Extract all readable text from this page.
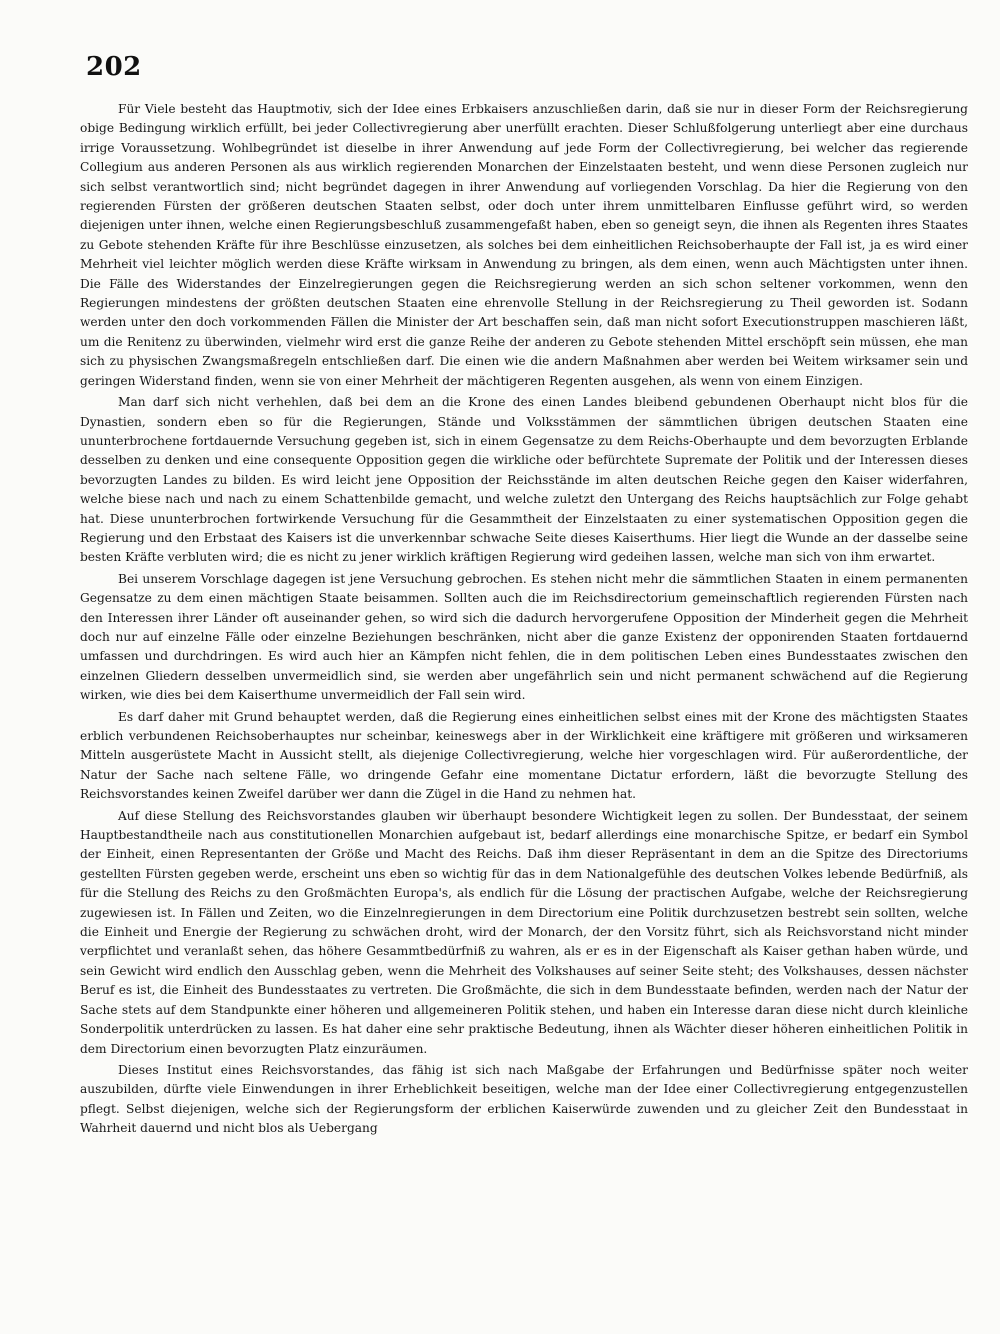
202

Für Viele besteht das Hauptmotiv, sich der Idee eines Erbkaisers anzuschließen darin, daß sie nur in dieser Form der Reichsregierung obige Bedingung wirklich erfüllt, bei jeder Collectivregierung aber unerfüllt erachten. Dieser Schlußfolgerung unterliegt aber eine durchaus irrige Voraussetzung. Wohlbegründet ist dieselbe in ihrer Anwendung auf jede Form der Collectivregierung, bei welcher das regierende Collegium aus anderen Personen als aus wirklich regierenden Monarchen der Einzelstaaten besteht, und wenn diese Personen zugleich nur sich selbst verantwortlich sind; nicht begründet dagegen in ihrer Anwendung auf vorliegenden Vorschlag. Da hier die Regierung von den regierenden Fürsten der größeren deutschen Staaten selbst, oder doch unter ihrem unmittelbaren Einflusse geführt wird, so werden diejenigen unter ihnen, welche einen Regierungsbeschluß zusammengefaßt haben, eben so geneigt seyn, die ihnen als Regenten ihres Staates zu Gebote stehenden Kräfte für ihre Beschlüsse einzusetzen, als solches bei dem einheitlichen Reichsoberhaupte der Fall ist, ja es wird einer Mehrheit viel leichter möglich werden diese Kräfte wirksam in Anwendung zu bringen, als dem einen, wenn auch Mächtigsten unter ihnen. Die Fälle des Widerstandes der Einzelregierungen gegen die Reichsregierung werden an sich schon seltener vorkommen, wenn den Regierungen mindestens der größten deutschen Staaten eine ehrenvolle Stellung in der Reichsregierung zu Theil geworden ist. Sodann werden unter den doch vorkommenden Fällen die Minister der Art beschaffen sein, daß man nicht sofort Executionstruppen maschieren läßt, um die Renitenz zu überwinden, vielmehr wird erst die ganze Reihe der anderen zu Gebote stehenden Mittel erschöpft sein müssen, ehe man sich zu physischen Zwangsmaßregeln entschließen darf. Die einen wie die andern Maßnahmen aber werden bei Weitem wirksamer sein und geringen Widerstand finden, wenn sie von einer Mehrheit der mächtigeren Regenten ausgehen, als wenn von einem Einzigen.

Man darf sich nicht verhehlen, daß bei dem an die Krone des einen Landes bleibend gebundenen Oberhaupt nicht blos für die Dynastien, sondern eben so für die Regierungen, Stände und Volksstämmen der sämmtlichen übrigen deutschen Staaten eine ununterbrochene fortdauernde Versuchung gegeben ist, sich in einem Gegensatze zu dem Reichs-Oberhaupte und dem bevorzugten Erblande desselben zu denken und eine consequente Opposition gegen die wirkliche oder befürchtete Supremate der Politik und der Interessen dieses bevorzugten Landes zu bilden. Es wird leicht jene Opposition der Reichsstände im alten deutschen Reiche gegen den Kaiser widerfahren, welche biese nach und nach zu einem Schattenbilde gemacht, und welche zuletzt den Untergang des Reichs hauptsächlich zur Folge gehabt hat. Diese ununterbrochen fortwirkende Versuchung für die Gesammtheit der Einzelstaaten zu einer systematischen Opposition gegen die Regierung und den Erbstaat des Kaisers ist die unverkennbar schwache Seite dieses Kaiserthums. Hier liegt die Wunde an der dasselbe seine besten Kräfte verbluten wird; die es nicht zu jener wirklich kräftigen Regierung wird gedeihen lassen, welche man sich von ihm erwartet.

Bei unserem Vorschlage dagegen ist jene Versuchung gebrochen. Es stehen nicht mehr die sämmtlichen Staaten in einem permanenten Gegensatze zu dem einen mächtigen Staate beisammen. Sollten auch die im Reichsdirectorium gemeinschaftlich regierenden Fürsten nach den Interessen ihrer Länder oft auseinander gehen, so wird sich die dadurch hervorgerufene Opposition der Minderheit gegen die Mehrheit doch nur auf einzelne Fälle oder einzelne Beziehungen beschränken, nicht aber die ganze Existenz der opponirenden Staaten fortdauernd umfassen und durchdringen. Es wird auch hier an Kämpfen nicht fehlen, die in dem politischen Leben eines Bundesstaates zwischen den einzelnen Gliedern desselben unvermeidlich sind, sie werden aber ungefährlich sein und nicht permanent schwächend auf die Regierung wirken, wie dies bei dem Kaiserthume unvermeidlich der Fall sein wird.

Es darf daher mit Grund behauptet werden, daß die Regierung eines einheitlichen selbst eines mit der Krone des mächtigsten Staates erblich verbundenen Reichsoberhauptes nur scheinbar, keineswegs aber in der Wirklichkeit eine kräftigere mit größeren und wirksameren Mitteln ausgerüstete Macht in Aussicht stellt, als diejenige Collectivregierung, welche hier vorgeschlagen wird. Für außerordentliche, der Natur der Sache nach seltene Fälle, wo dringende Gefahr eine momentane Dictatur erfordern, läßt die bevorzugte Stellung des Reichsvorstandes keinen Zweifel darüber wer dann die Zügel in die Hand zu nehmen hat.

Auf diese Stellung des Reichsvorstandes glauben wir überhaupt besondere Wichtigkeit legen zu sollen. Der Bundesstaat, der seinem Hauptbestandtheile nach aus constitutionellen Monarchien aufgebaut ist, bedarf allerdings eine monarchische Spitze, er bedarf ein Symbol der Einheit, einen Representanten der Größe und Macht des Reichs. Daß ihm dieser Repräsentant in dem an die Spitze des Directoriums gestellten Fürsten gegeben werde, erscheint uns eben so wichtig für das in dem Nationalgefühle des deutschen Volkes lebende Bedürfniß, als für die Stellung des Reichs zu den Großmächten Europa's, als endlich für die Lösung der practischen Aufgabe, welche der Reichsregierung zugewiesen ist. In Fällen und Zeiten, wo die Einzelnregierungen in dem Directorium eine Politik durchzusetzen bestrebt sein sollten, welche die Einheit und Energie der Regierung zu schwächen droht, wird der Monarch, der den Vorsitz führt, sich als Reichsvorstand nicht minder verpflichtet und veranlaßt sehen, das höhere Gesammtbedürfniß zu wahren, als er es in der Eigenschaft als Kaiser gethan haben würde, und sein Gewicht wird endlich den Ausschlag geben, wenn die Mehrheit des Volkshauses auf seiner Seite steht; des Volkshauses, dessen nächster Beruf es ist, die Einheit des Bundesstaates zu vertreten. Die Großmächte, die sich in dem Bundesstaate befinden, werden nach der Natur der Sache stets auf dem Standpunkte einer höheren und allgemeineren Politik stehen, und haben ein Interesse daran diese nicht durch kleinliche Sonderpolitik unterdrücken zu lassen. Es hat daher eine sehr praktische Bedeutung, ihnen als Wächter dieser höheren einheitlichen Politik in dem Directorium einen bevorzugten Platz einzuräumen.

Dieses Institut eines Reichsvorstandes, das fähig ist sich nach Maßgabe der Erfahrungen und Bedürfnisse später noch weiter auszubilden, dürfte viele Einwendungen in ihrer Erheblichkeit beseitigen, welche man der Idee einer Collectivregierung entgegenzustellen pflegt. Selbst diejenigen, welche sich der Regierungsform der erblichen Kaiserwürde zuwenden und zu gleicher Zeit den Bundesstaat in Wahrheit dauernd und nicht blos als Uebergang
